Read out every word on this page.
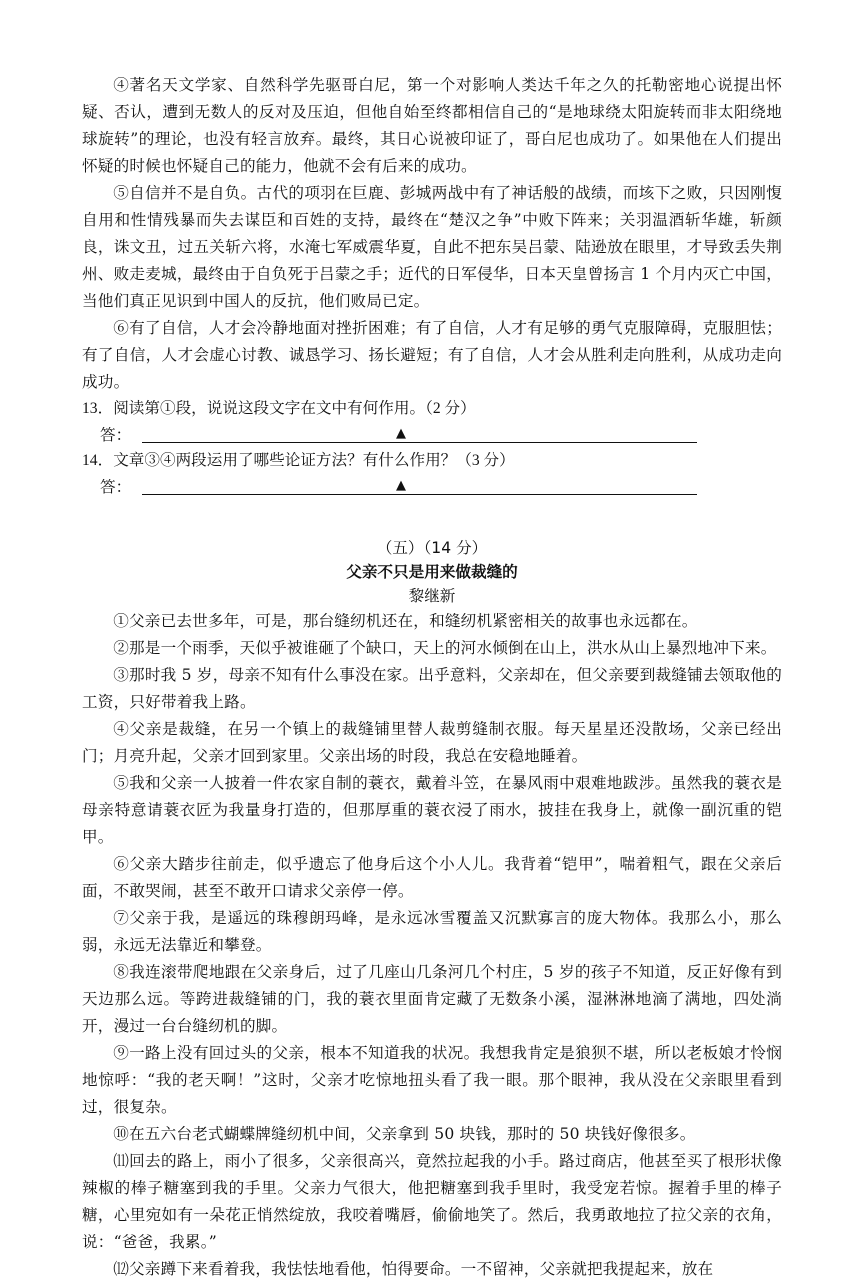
④著名天文学家、自然科学先驱哥白尼，第一个对影响人类达千年之久的托勒密地心说提出怀疑、否认，遭到无数人的反对及压迫，但他自始至终都相信自己的“是地球绕太阳旋转而非太阳绕地球旋转”的理论，也没有轻言放弃。最终，其日心说被印证了，哥白尼也成功了。如果他在人们提出怀疑的时候也怀疑自己的能力，他就不会有后来的成功。

⑤自信并不是自负。古代的项羽在巨鹿、彭城两战中有了神话般的战绩，而垓下之败，只因刚愎自用和性情残暴而失去谋臣和百姓的支持，最终在“楚汉之争”中败下阵来；关羽温酒斩华雄，斩颜良，诛文丑，过五关斩六将，水淹七军威震华夏，自此不把东吴吕蒙、陆逊放在眼里，才导致丢失荆州、败走麦城，最终由于自负死于吕蒙之手；近代的日军侵华，日本天皇曾扬言 1 个月内灭亡中国，当他们真正见识到中国人的反抗，他们败局已定。

⑥有了自信，人才会冷静地面对挫折困难；有了自信，人才有足够的勇气克服障碍，克服胆怯；有了自信，人才会虚心讨教、诚恳学习、扬长避短；有了自信，人才会从胜利走向胜利，从成功走向成功。

13．阅读第①段，说说这段文字在文中有何作用。（2 分）

答：	▲

14．文章③④两段运用了哪些论证方法？有什么作用？（3 分）

答：	▲
（五）（14 分）
父亲不只是用来做裁缝的
黎继新

①父亲已去世多年，可是，那台缝纫机还在，和缝纫机紧密相关的故事也永远都在。

②那是一个雨季，天似乎被谁砸了个缺口，天上的河水倾倒在山上，洪水从山上暴烈地冲下来。

③那时我 5 岁，母亲不知有什么事没在家。出乎意料，父亲却在，但父亲要到裁缝铺去领取他的工资，只好带着我上路。

④父亲是裁缝，在另一个镇上的裁缝铺里替人裁剪缝制衣服。每天星星还没散场，父亲已经出门；月亮升起，父亲才回到家里。父亲出场的时段，我总在安稳地睡着。

⑤我和父亲一人披着一件农家自制的蓑衣，戴着斗笠，在暴风雨中艰难地跋涉。虽然我的蓑衣是母亲特意请蓑衣匠为我量身打造的，但那厚重的蓑衣浸了雨水，披挂在我身上，就像一副沉重的铠甲。

⑥父亲大踏步往前走，似乎遗忘了他身后这个小人儿。我背着“铠甲”，喘着粗气，跟在父亲后面，不敢哭闹，甚至不敢开口请求父亲停一停。

⑦父亲于我，是遥远的珠穆朗玛峰，是永远冰雪覆盖又沉默寡言的庞大物体。我那么小，那么弱，永远无法靠近和攀登。

⑧我连滚带爬地跟在父亲身后，过了几座山几条河几个村庄，5 岁的孩子不知道，反正好像有到天边那么远。等跨进裁缝铺的门，我的蓑衣里面肯定藏了无数条小溪，湿淋淋地滴了满地，四处淌开，漫过一台台缝纫机的脚。

⑨一路上没有回过头的父亲，根本不知道我的状况。我想我肯定是狼狈不堪，所以老板娘才怜悯地惊呼：“我的老天啊！”这时，父亲才吃惊地扭头看了我一眼。那个眼神，我从没在父亲眼里看到过，很复杂。

⑩在五六台老式蝴蝶牌缝纫机中间，父亲拿到 50 块钱，那时的 50 块钱好像很多。

⑾回去的路上，雨小了很多，父亲很高兴，竟然拉起我的小手。路过商店，他甚至买了根形状像辣椒的棒子糖塞到我的手里。父亲力气很大，他把糖塞到我手里时，我受宠若惊。握着手里的棒子糖，心里宛如有一朵花正悄然绽放，我咬着嘴唇，偷偷地笑了。然后，我勇敢地拉了拉父亲的衣角，说：“爸爸，我累。”

⑿父亲蹲下来看着我，我怯怯地看他，怕得要命。一不留神，父亲就把我提起来，放在
